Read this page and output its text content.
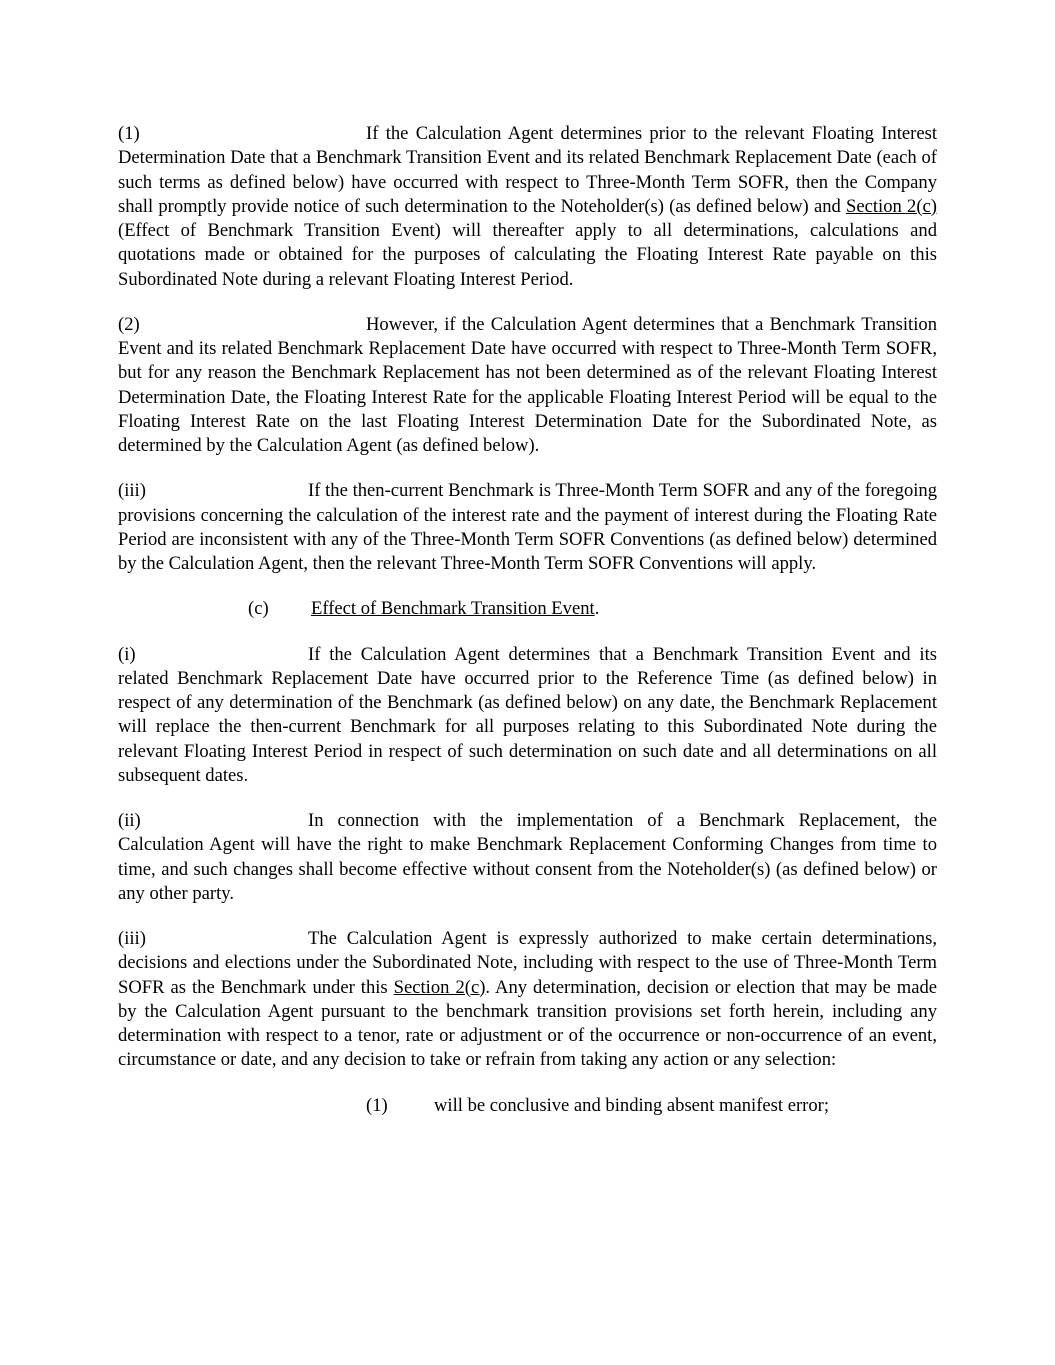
(1)	If the Calculation Agent determines prior to the relevant Floating Interest Determination Date that a Benchmark Transition Event and its related Benchmark Replacement Date (each of such terms as defined below) have occurred with respect to Three-Month Term SOFR, then the Company shall promptly provide notice of such determination to the Noteholder(s) (as defined below) and Section 2(c) (Effect of Benchmark Transition Event) will thereafter apply to all determinations, calculations and quotations made or obtained for the purposes of calculating the Floating Interest Rate payable on this Subordinated Note during a relevant Floating Interest Period.

(2)	However, if the Calculation Agent determines that a Benchmark Transition Event and its related Benchmark Replacement Date have occurred with respect to Three-Month Term SOFR, but for any reason the Benchmark Replacement has not been determined as of the relevant Floating Interest Determination Date, the Floating Interest Rate for the applicable Floating Interest Period will be equal to the Floating Interest Rate on the last Floating Interest Determination Date for the Subordinated Note, as determined by the Calculation Agent (as defined below).

(iii)	If the then-current Benchmark is Three-Month Term SOFR and any of the foregoing provisions concerning the calculation of the interest rate and the payment of interest during the Floating Rate Period are inconsistent with any of the Three-Month Term SOFR Conventions (as defined below) determined by the Calculation Agent, then the relevant Three-Month Term SOFR Conventions will apply.

(c) Effect of Benchmark Transition Event.

(i)	If the Calculation Agent determines that a Benchmark Transition Event and its related Benchmark Replacement Date have occurred prior to the Reference Time (as defined below) in respect of any determination of the Benchmark (as defined below) on any date, the Benchmark Replacement will replace the then-current Benchmark for all purposes relating to this Subordinated Note during the relevant Floating Interest Period in respect of such determination on such date and all determinations on all subsequent dates.

(ii)	In connection with the implementation of a Benchmark Replacement, the Calculation Agent will have the right to make Benchmark Replacement Conforming Changes from time to time, and such changes shall become effective without consent from the Noteholder(s) (as defined below) or any other party.

(iii)	The Calculation Agent is expressly authorized to make certain determinations, decisions and elections under the Subordinated Note, including with respect to the use of Three-Month Term SOFR as the Benchmark under this Section 2(c). Any determination, decision or election that may be made by the Calculation Agent pursuant to the benchmark transition provisions set forth herein, including any determination with respect to a tenor, rate or adjustment or of the occurrence or non-occurrence of an event, circumstance or date, and any decision to take or refrain from taking any action or any selection:

(1) will be conclusive and binding absent manifest error;
